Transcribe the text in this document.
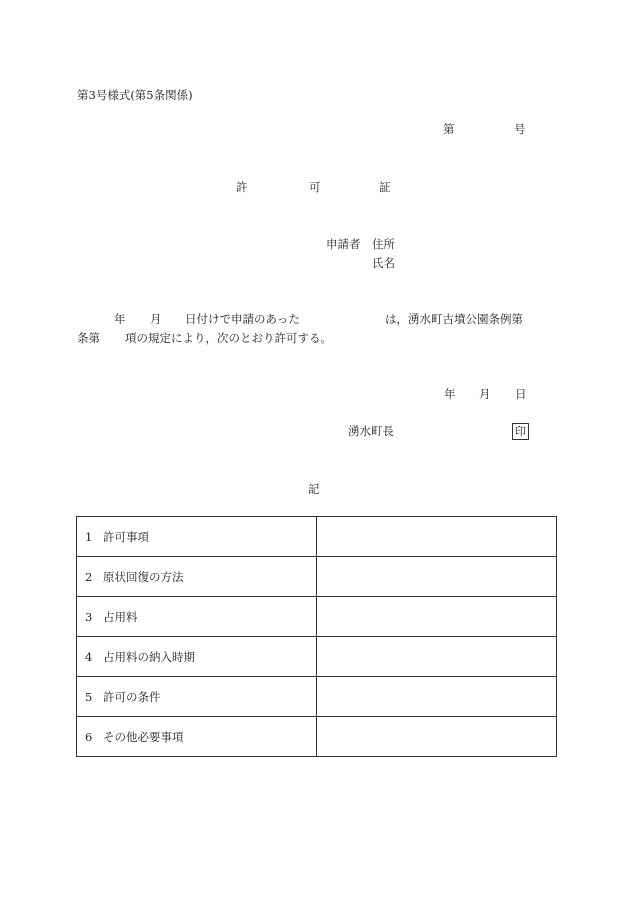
第3号様式(第5条関係)
第	号
許	可	証
申請者 住所
氏名
年 月 日付けで申請のあった	は，湧水町古墳公園条例第
条第 項の規定により，次のとおり許可する。
年 月 日
湧水町長	印
記
1 許可事項	
2 原状回復の方法	
3 占用料	
4 占用料の納入時期	
5 許可の条件	
6 その他必要事項	
